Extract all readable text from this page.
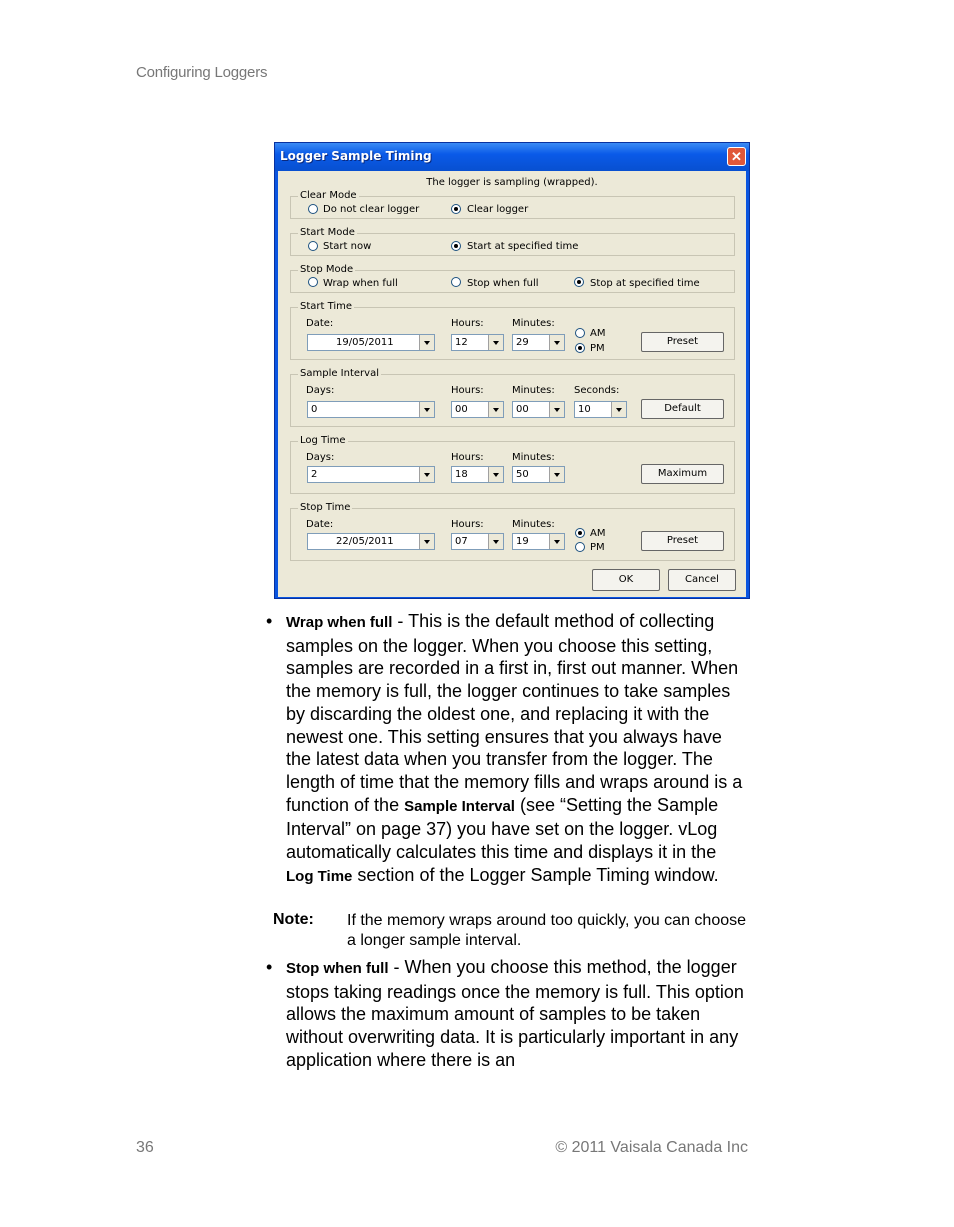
Configuring Loggers
Logger Sample Timing	✕
The logger is sampling (wrapped).
Clear Mode
Do not clear logger	Clear logger
Start Mode
Start now	Start at specified time
Stop Mode
Wrap when full	Stop when full	Stop at specified time
Start Time
Date:
19/05/2011
Hours:
12
Minutes:
29
AM
PM
Preset
Sample Interval
Days:
0
Hours:
00
Minutes:
00
Seconds:
10	Default
Log Time
Days:
2
Hours:
18
Minutes:
50	Maximum
Stop Time
Date:
22/05/2011
Hours:
07
Minutes:
19
AM
PM
Preset
OK	Cancel
• Wrap when full - This is the default method of collecting samples on the logger. When you choose this setting, samples are recorded in a first in, first out manner. When the memory is full, the logger continues to take samples by discarding the oldest one, and replacing it with the newest one. This setting ensures that you always have the latest data when you transfer from the logger. The length of time that the memory fills and wraps around is a function of the Sample Interval (see “Setting the Sample Interval” on page 37) you have set on the logger. vLog automatically calculates this time and displays it in the Log Time section of the Logger Sample Timing window.
Note: If the memory wraps around too quickly, you can choose a longer sample interval.
• Stop when full - When you choose this method, the logger stops taking readings once the memory is full. This option allows the maximum amount of samples to be taken without overwriting data. It is particularly important in any application where there is an
36	© 2011 Vaisala Canada Inc
